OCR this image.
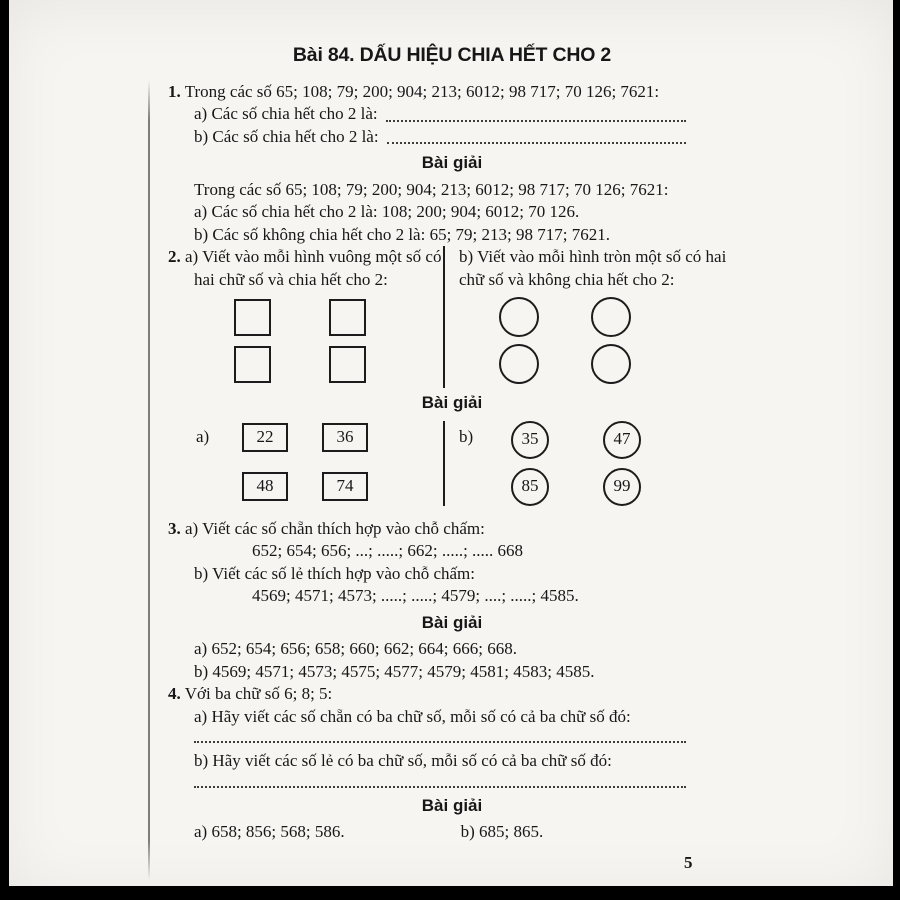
Bài 84. DẤU HIỆU CHIA HẾT CHO 2

1. Trong các số 65; 108; 79; 200; 904; 213; 6012; 98 717; 70 126; 7621:

a) Các số chia hết cho 2 là:
b) Các số chia hết cho 2 là:
Bài giải

Trong các số 65; 108; 79; 200; 904; 213; 6012; 98 717; 70 126; 7621:

a) Các số chia hết cho 2 là: 108; 200; 904; 6012; 70 126.

b) Các số không chia hết cho 2 là: 65; 79; 213; 98 717; 7621.

2. a) Viết vào mỗi hình vuông một số có hai chữ số và chia hết cho 2:

b) Viết vào mỗi hình tròn một số có hai chữ số và không chia hết cho 2:

Bài giải
a)	22	36
48	74
b)	35	47
85	99

3. a) Viết các số chẵn thích hợp vào chỗ chấm:

652; 654; 656; ...; .....; 662; .....; ..... 668

b) Viết các số lẻ thích hợp vào chỗ chấm:

4569; 4571; 4573; .....; .....; 4579; ....; .....; 4585.

Bài giải

a) 652; 654; 656; 658; 660; 662; 664; 666; 668.

b) 4569; 4571; 4573; 4575; 4577; 4579; 4581; 4583; 4585.

4. Với ba chữ số 6; 8; 5:

a) Hãy viết các số chẵn có ba chữ số, mỗi số có cả ba chữ số đó:

b) Hãy viết các số lẻ có ba chữ số, mỗi số có cả ba chữ số đó:

Bài giải
a) 658; 856; 568; 586.	b) 685; 865.
5
